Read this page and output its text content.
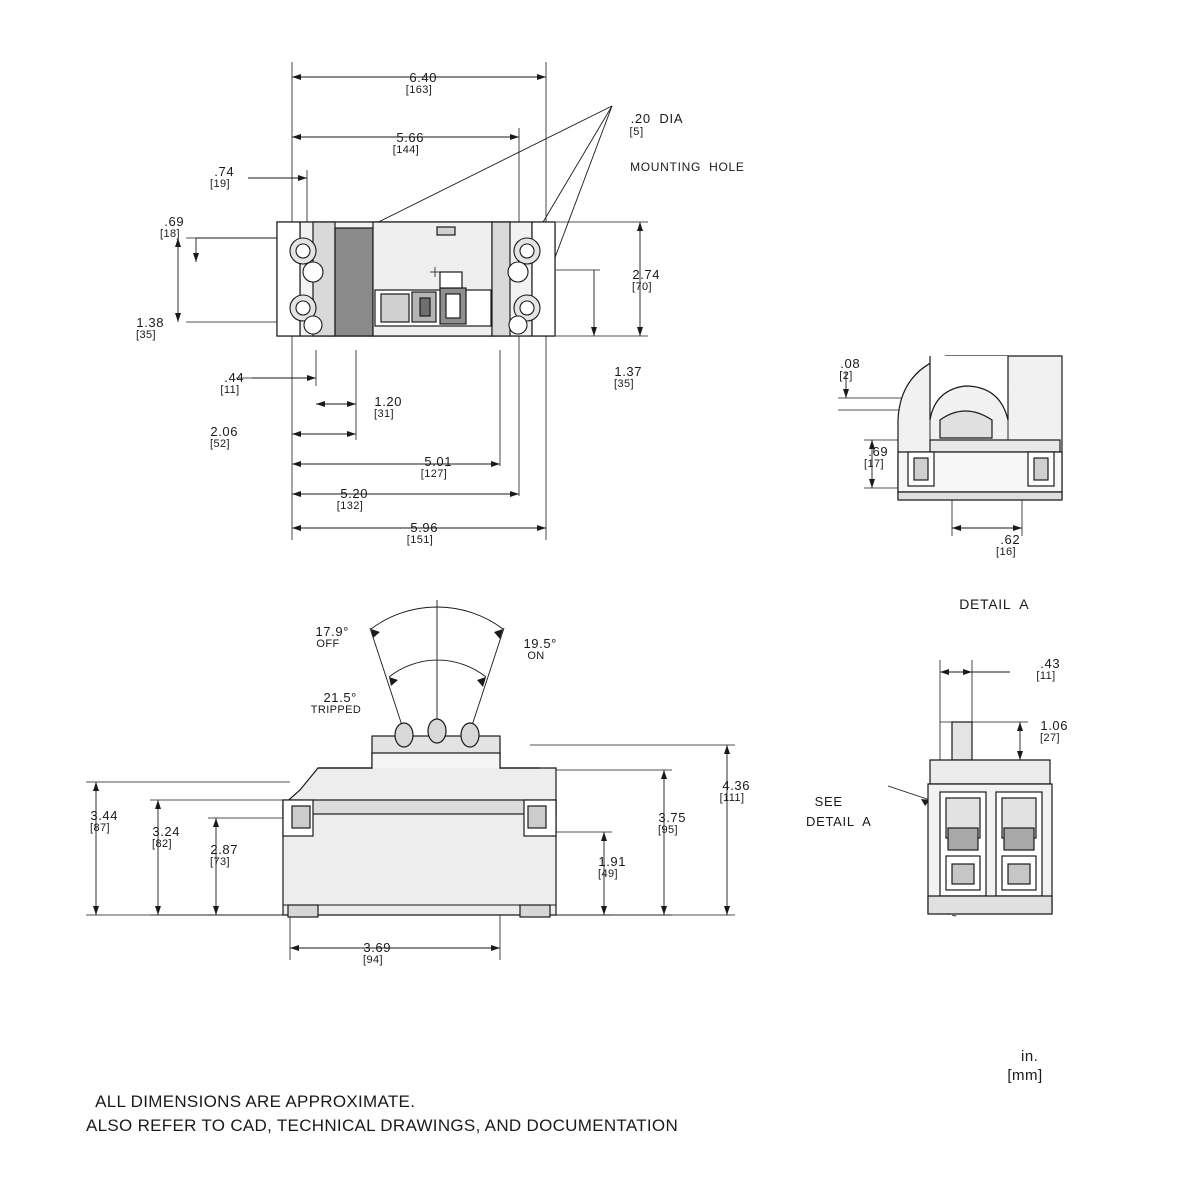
6.40
[163]

5.66
[144]

.74
[19]

.69
[18]

1.38
[35]

2.74
[70]

1.37
[35]

.44
[11]

1.20
[31]

2.06
[52]

5.01
[127]

5.20
[132]

5.96
[151]

.20  DIA

[5]

MOUNTING  HOLE

17.9°
OFF	19.5°
ON

21.5°
TRIPPED

3.44
[87]	3.24
[82]	2.87
[73]

3.75
[95]

4.36
[111]

1.91
[49]

3.69
[94]

.08
[2]

.69
[17]

.62
[16]

DETAIL  A

.43
[11]

1.06
[27]

SEE
DETAIL  A

in.
[mm]

ALL DIMENSIONS ARE APPROXIMATE.
ALSO REFER TO CAD, TECHNICAL DRAWINGS, AND DOCUMENTATION
